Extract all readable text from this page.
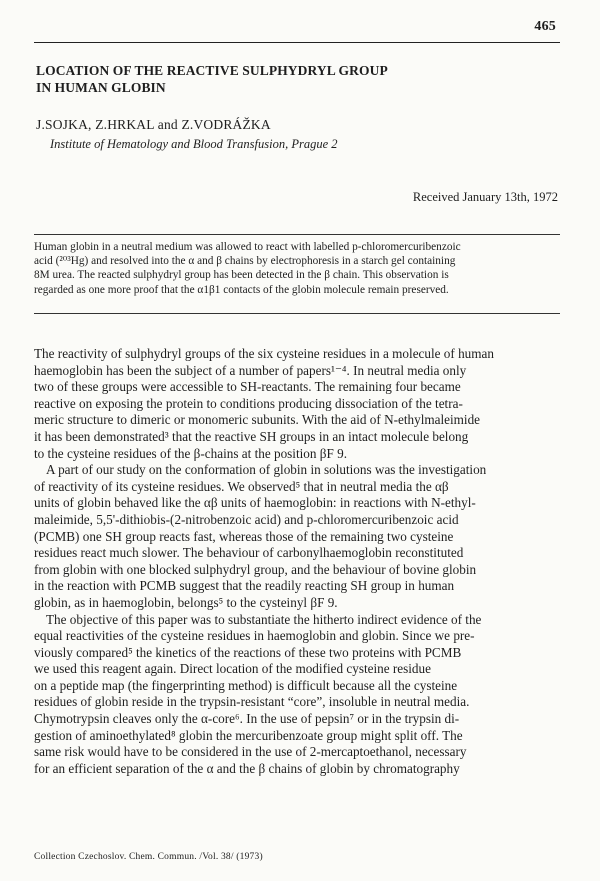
465
LOCATION OF THE REACTIVE SULPHYDRYL GROUP
IN HUMAN GLOBIN
J.SOJKA, Z.HRKAL and Z.VODRÁŽKA
Institute of Hematology and Blood Transfusion, Prague 2
Received January 13th, 1972
Human globin in a neutral medium was allowed to react with labelled p-chloromercuribenzoic
acid (²⁰³Hg) and resolved into the α and β chains by electrophoresis in a starch gel containing
8M urea. The reacted sulphydryl group has been detected in the β chain. This observation is
regarded as one more proof that the α1β1 contacts of the globin molecule remain preserved.
The reactivity of sulphydryl groups of the six cysteine residues in a molecule of human
haemoglobin has been the subject of a number of papers¹⁻⁴. In neutral media only
two of these groups were accessible to SH-reactants. The remaining four became
reactive on exposing the protein to conditions producing dissociation of the tetra-
meric structure to dimeric or monomeric subunits. With the aid of N-ethylmaleimide
it has been demonstrated³ that the reactive SH groups in an intact molecule belong
to the cysteine residues of the β-chains at the position βF 9.
A part of our study on the conformation of globin in solutions was the investigation
of reactivity of its cysteine residues. We observed⁵ that in neutral media the αβ
units of globin behaved like the αβ units of haemoglobin: in reactions with N-ethyl-
maleimide, 5,5'-dithiobis-(2-nitrobenzoic acid) and p-chloromercuribenzoic acid
(PCMB) one SH group reacts fast, whereas those of the remaining two cysteine
residues react much slower. The behaviour of carbonylhaemoglobin reconstituted
from globin with one blocked sulphydryl group, and the behaviour of bovine globin
in the reaction with PCMB suggest that the readily reacting SH group in human
globin, as in haemoglobin, belongs⁵ to the cysteinyl βF 9.
The objective of this paper was to substantiate the hitherto indirect evidence of the
equal reactivities of the cysteine residues in haemoglobin and globin. Since we pre-
viously compared⁵ the kinetics of the reactions of these two proteins with PCMB
we used this reagent again. Direct location of the modified cysteine residue
on a peptide map (the fingerprinting method) is difficult because all the cysteine
residues of globin reside in the trypsin-resistant “core”, insoluble in neutral media.
Chymotrypsin cleaves only the α-core⁶. In the use of pepsin⁷ or in the trypsin di-
gestion of aminoethylated⁸ globin the mercuribenzoate group might split off. The
same risk would have to be considered in the use of 2-mercaptoethanol, necessary
for an efficient separation of the α and the β chains of globin by chromatography
Collection Czechoslov. Chem. Commun. /Vol. 38/ (1973)
